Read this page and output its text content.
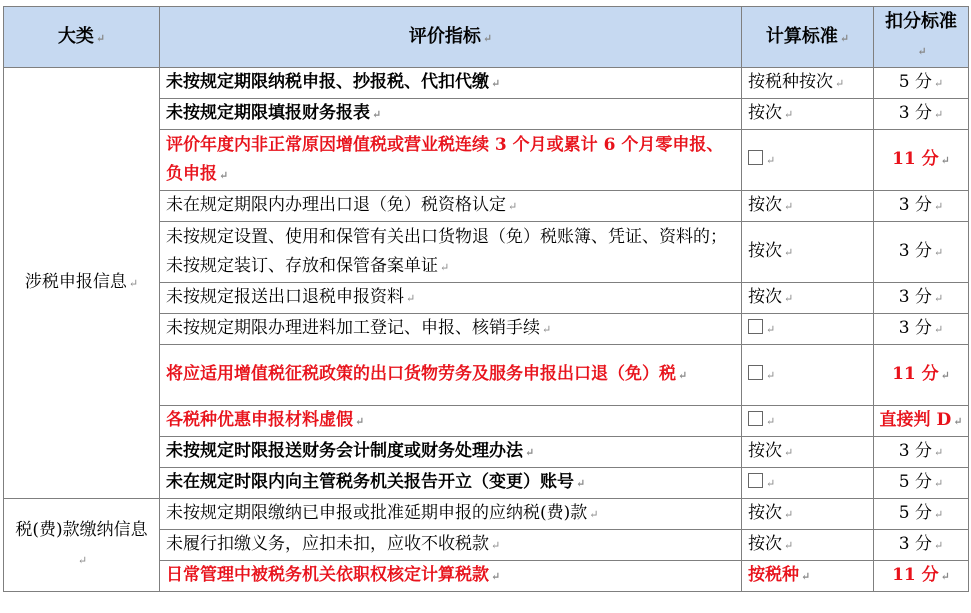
大类 ↵	评价指标 ↵	计算标准 ↵	扣分标准↵
涉税申报信息 ↵	未按规定期限纳税申报、抄报税、代扣代缴 ↵	按税种按次 ↵	5 分 ↵
	未按规定期限填报财务报表 ↵	按次 ↵	3 分 ↵
	评价年度内非正常原因增值税或营业税连续 3 个月或累计 6 个月零申报、负申报 ↵	↵	11 分 ↵
	未在规定期限内办理出口退（免）税资格认定 ↵	按次 ↵	3 分 ↵
	未按规定设置、使用和保管有关出口货物退（免）税账簿、凭证、资料的；未按规定装订、存放和保管备案单证 ↵	按次 ↵	3 分 ↵
	未按规定报送出口退税申报资料 ↵	按次 ↵	3 分 ↵
	未按规定期限办理进料加工登记、申报、核销手续 ↵	↵	3 分 ↵
	将应适用增值税征税政策的出口货物劳务及服务申报出口退（免）税 ↵	↵	11 分 ↵
	各税种优惠申报材料虚假 ↵	↵	直接判 D ↵
	未按规定时限报送财务会计制度或财务处理办法 ↵	按次 ↵	3 分 ↵
	未在规定时限内向主管税务机关报告开立（变更）账号 ↵	↵	5 分 ↵
税(费)款缴纳信息↵	未按规定期限缴纳已申报或批准延期申报的应纳税(费)款 ↵	按次 ↵	5 分 ↵
	未履行扣缴义务，应扣未扣，应收不收税款 ↵	按次 ↵	3 分 ↵
	日常管理中被税务机关依职权核定计算税款 ↵	按税种 ↵	11 分 ↵
